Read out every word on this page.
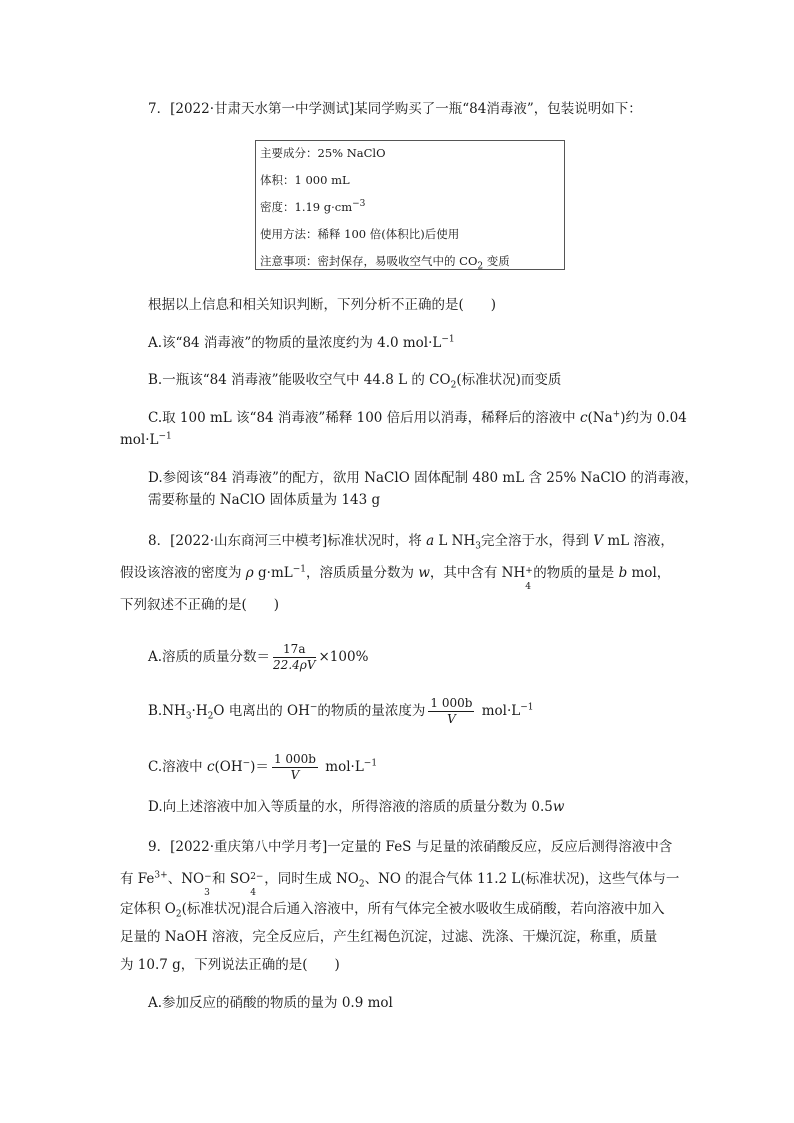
7．[2022·甘肃天水第一中学测试]某同学购买了一瓶“84消毒液”，包装说明如下：
主要成分：25% NaClO
体积：1 000 mL
密度：1.19 $g\cdot cm^{-3}$
使用方法：稀释 100 倍(体积比)后使用
注意事项：密封保存，易吸收空气中的 $CO_2$ 变质
根据以上信息和相关知识判断，下列分析不正确的是(　　)
A.该“84 消毒液”的物质的量浓度约为 4.0 $mol\cdot L^{-1}$
B.一瓶该“84 消毒液”能吸收空气中 44.8 L 的 $CO_2$(标准状况)而变质
C.取 100 mL 该“84 消毒液”稀释 100 倍后用以消毒，稀释后的溶液中 c(Na+)约为 0.04
$mol\cdot L^{-1}$
D.参阅该“84 消毒液”的配方，欲用 NaClO 固体配制 480 mL 含 25% NaClO 的消毒液，
需要称量的 NaClO 固体质量为 143 g
8．[2022·山东商河三中模考]标准状况时，将 a L $NH_3$完全溶于水，得到 V mL 溶液，
假设该溶液的密度为 ρ $g\cdot mL^{-1}$，溶质质量分数为 w，其中含有 NH +
4
的物质的量是 b mol，
下列叙述不正确的是(　　)
A.溶质的质量分数＝ $\frac{17a}{22.4\rho V} \times 100\%$
$B.NH_3\cdot H_2O$ 电离出的 OH−的物质的量浓度为 $\frac{1 000b}{V} mol\cdot L^{-1}$
C.溶液中 $c(OH^-)= \frac{1 000b}{V} mol\cdot L^{-1}$
D.向上述溶液中加入等质量的水，所得溶液的溶质的质量分数为 0.5w
9．[2022·重庆第八中学月考]一定量的 FeS 与足量的浓硝酸反应，反应后测得溶液中含
有 $Fe^{3+}$、NO −
3
和 SO 2−
4
，同时生成 $NO_2$、NO 的混合气体 11.2 L(标准状况)，这些气体与一
定体积 $O_2$(标准状况)混合后通入溶液中，所有气体完全被水吸收生成硝酸，若向溶液中加入
足量的 NaOH 溶液，完全反应后，产生红褐色沉淀，过滤、洗涤、干燥沉淀，称重，质量
为 10.7 g，下列说法正确的是(　　)
A.参加反应的硝酸的物质的量为 0.9 mol
